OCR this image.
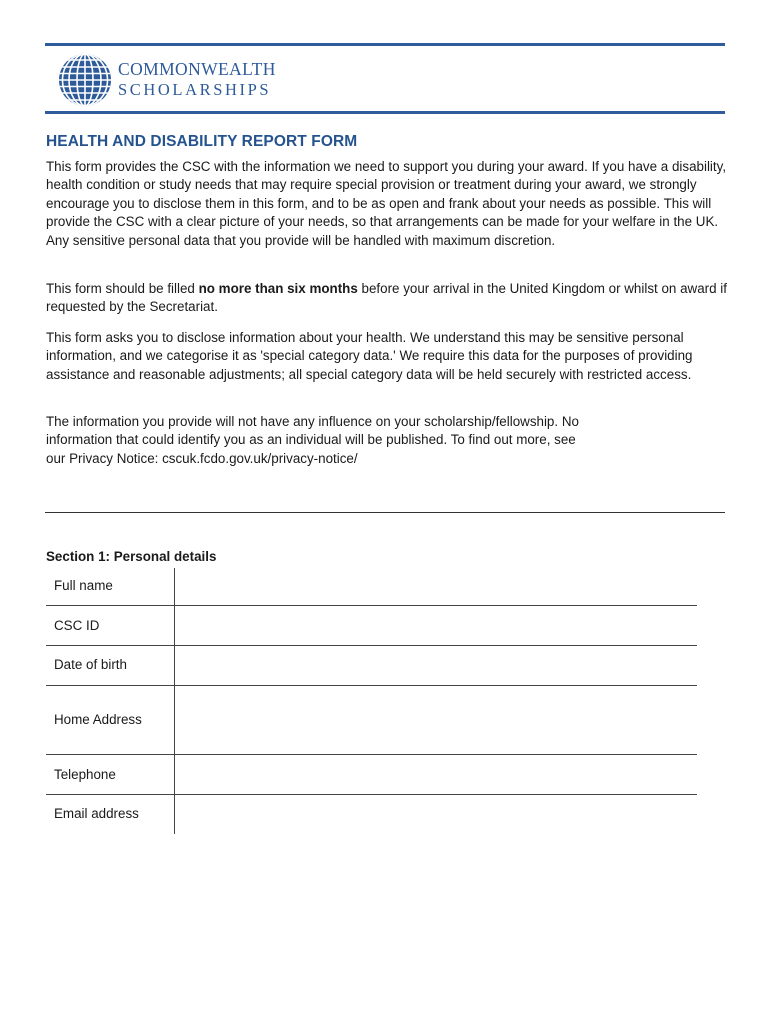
COMMONWEALTH
SCHOLARSHIPS
HEALTH AND DISABILITY REPORT FORM

This form provides the CSC with the information we need to support you during your award. If you have a disability, health condition or study needs that may require special provision or treatment during your award, we strongly encourage you to disclose them in this form, and to be as open and frank about your needs as possible. This will provide the CSC with a clear picture of your needs, so that arrangements can be made for your welfare in the UK. Any sensitive personal data that you provide will be handled with maximum discretion.

This form should be filled no more than six months before your arrival in the United Kingdom or whilst on award if requested by the Secretariat.

This form asks you to disclose information about your health. We understand this may be sensitive personal information, and we categorise it as 'special category data.' We require this data for the purposes of providing assistance and reasonable adjustments; all special category data will be held securely with restricted access.

The information you provide will not have any influence on your scholarship/fellowship. No
information that could identify you as an individual will be published. To find out more, see
our Privacy Notice: cscuk.fcdo.gov.uk/privacy-notice/

Section 1: Personal details
Full name
CSC ID
Date of birth
Home Address
Telephone
Email address
